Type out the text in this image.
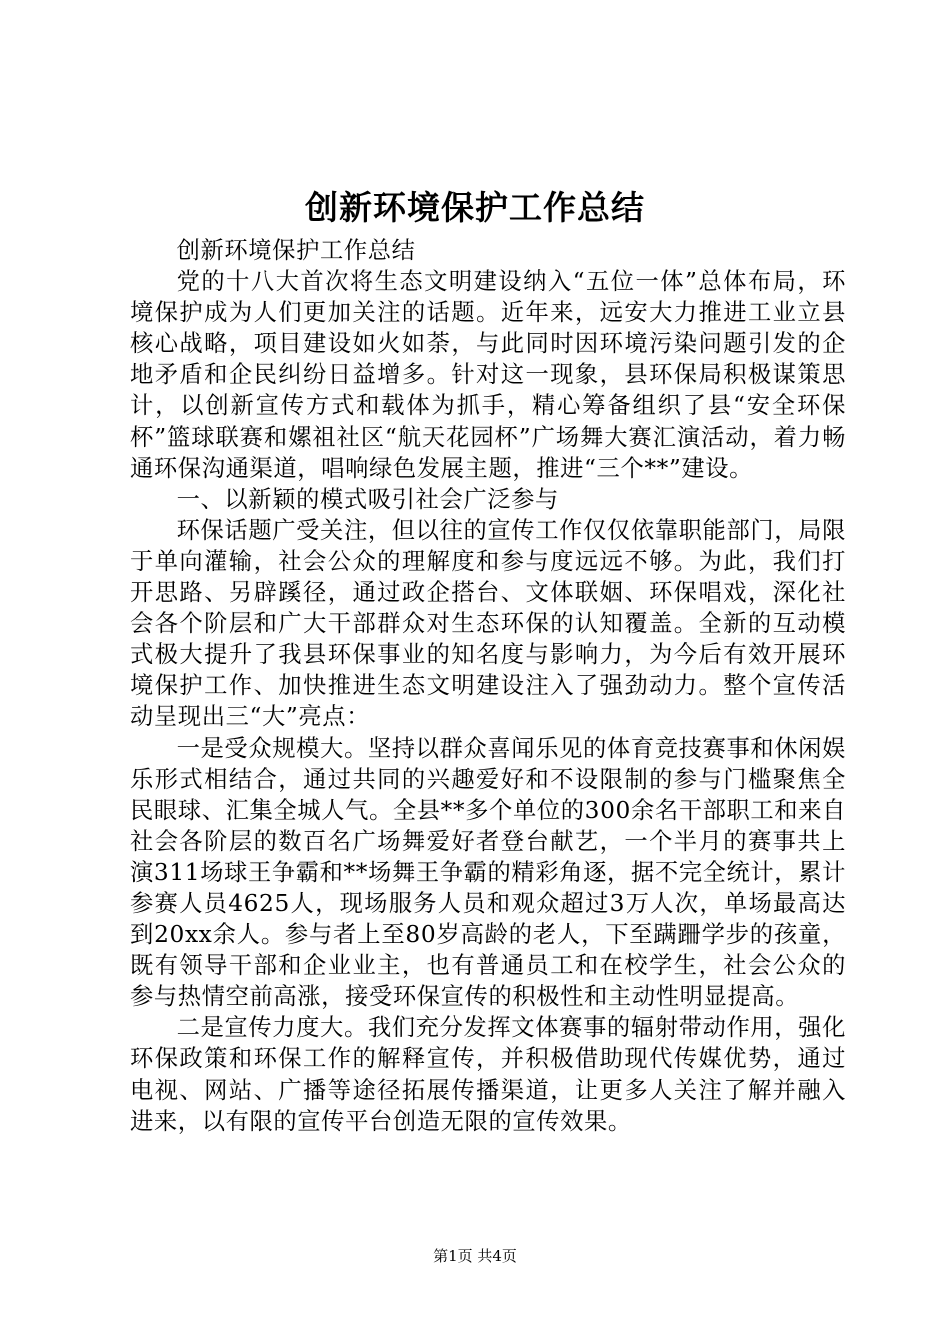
创新环境保护工作总结

创新环境保护工作总结

党的十八大首次将生态文明建设纳入“五位一体”总体布局，环境保护成为人们更加关注的话题。近年来，远安大力推进工业立县核心战略，项目建设如火如荼，与此同时因环境污染问题引发的企地矛盾和企民纠纷日益增多。针对这一现象，县环保局积极谋策思计，以创新宣传方式和载体为抓手，精心筹备组织了县“安全环保杯”篮球联赛和嫘祖社区“航天花园杯”广场舞大赛汇演活动，着力畅通环保沟通渠道，唱响绿色发展主题，推进“三个**”建设。

一、以新颖的模式吸引社会广泛参与

环保话题广受关注，但以往的宣传工作仅仅依靠职能部门，局限于单向灌输，社会公众的理解度和参与度远远不够。为此，我们打开思路、另辟蹊径，通过政企搭台、文体联姻、环保唱戏，深化社会各个阶层和广大干部群众对生态环保的认知覆盖。全新的互动模式极大提升了我县环保事业的知名度与影响力，为今后有效开展环境保护工作、加快推进生态文明建设注入了强劲动力。整个宣传活动呈现出三“大”亮点：

一是受众规模大。坚持以群众喜闻乐见的体育竞技赛事和休闲娱乐形式相结合，通过共同的兴趣爱好和不设限制的参与门槛聚焦全民眼球、汇集全城人气。全县**多个单位的300余名干部职工和来自社会各阶层的数百名广场舞爱好者登台献艺，一个半月的赛事共上演311场球王争霸和**场舞王争霸的精彩角逐，据不完全统计，累计参赛人员4625人，现场服务人员和观众超过3万人次，单场最高达到20xx余人。参与者上至80岁高龄的老人，下至蹒跚学步的孩童，既有领导干部和企业业主，也有普通员工和在校学生，社会公众的参与热情空前高涨，接受环保宣传的积极性和主动性明显提高。

二是宣传力度大。我们充分发挥文体赛事的辐射带动作用，强化环保政策和环保工作的解释宣传，并积极借助现代传媒优势，通过电视、网站、广播等途径拓展传播渠道，让更多人关注了解并融入进来，以有限的宣传平台创造无限的宣传效果。

第1页 共4页
